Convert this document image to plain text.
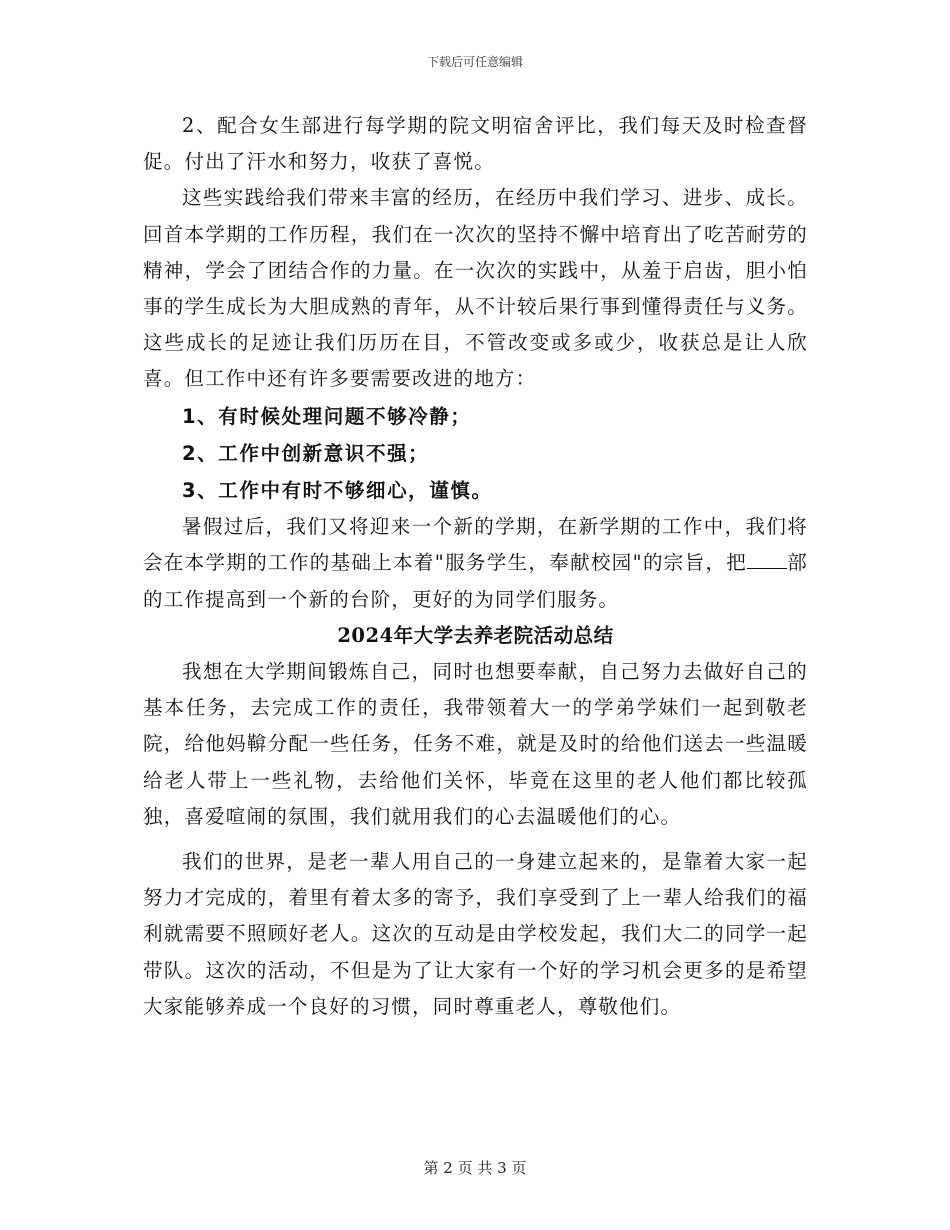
下载后可任意编辑

2、配合女生部进行每学期的院文明宿舍评比，我们每天及时检查督促。付出了汗水和努力，收获了喜悦。

这些实践给我们带来丰富的经历，在经历中我们学习、进步、成长。回首本学期的工作历程，我们在一次次的坚持不懈中培育出了吃苦耐劳的精神，学会了团结合作的力量。在一次次的实践中，从羞于启齿，胆小怕事的学生成长为大胆成熟的青年，从不计较后果行事到懂得责任与义务。这些成长的足迹让我们历历在目，不管改变或多或少，收获总是让人欣喜。但工作中还有许多要需要改进的地方：

1、有时候处理问题不够冷静；

2、工作中创新意识不强；

3、工作中有时不够细心，谨慎。

暑假过后，我们又将迎来一个新的学期，在新学期的工作中，我们将会在本学期的工作的基础上本着"服务学生，奉献校园"的宗旨，把 部的工作提高到一个新的台阶，更好的为同学们服务。

2024年大学去养老院活动总结

我想在大学期间锻炼自己，同时也想要奉献，自己努力去做好自己的基本任务，去完成工作的责任，我带领着大一的学弟学妹们一起到敬老院，给他妈鞥分配一些任务，任务不难，就是及时的给他们送去一些温暖给老人带上一些礼物，去给他们关怀，毕竟在这里的老人他们都比较孤独，喜爱喧闹的氛围，我们就用我们的心去温暖他们的心。

我们的世界，是老一辈人用自己的一身建立起来的，是靠着大家一起努力才完成的，着里有着太多的寄予，我们享受到了上一辈人给我们的福利就需要不照顾好老人。这次的互动是由学校发起，我们大二的同学一起带队。这次的活动，不但是为了让大家有一个好的学习机会更多的是希望大家能够养成一个良好的习惯，同时尊重老人，尊敬他们。

第 2 页 共 3 页
